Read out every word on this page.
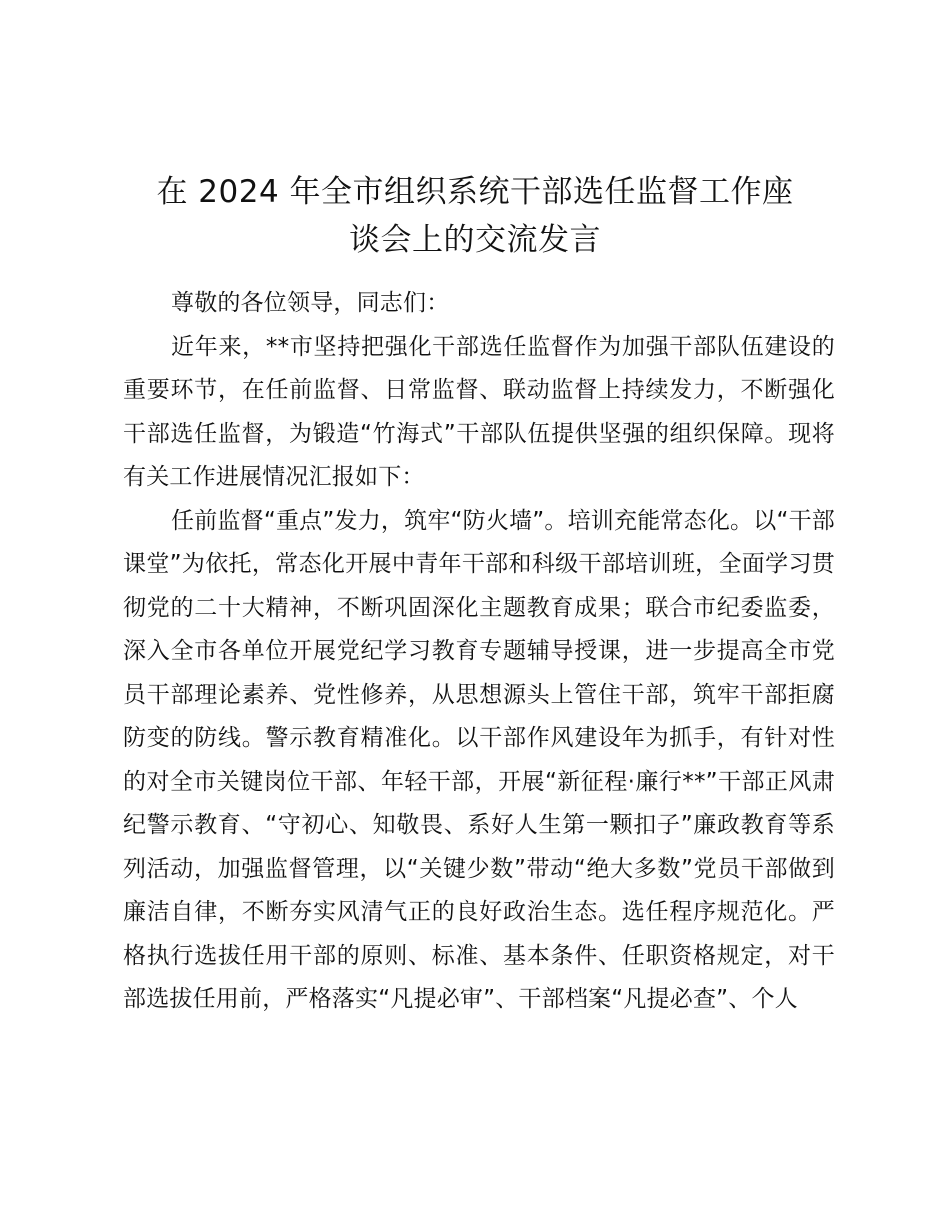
在 2024 年全市组织系统干部选任监督工作座
谈会上的交流发言

尊敬的各位领导，同志们：

近年来，**市坚持把强化干部选任监督作为加强干部队伍建设的重要环节，在任前监督、日常监督、联动监督上持续发力，不断强化干部选任监督，为锻造“竹海式”干部队伍提供坚强的组织保障。现将有关工作进展情况汇报如下：

任前监督“重点”发力，筑牢“防火墙”。培训充能常态化。以“干部课堂”为依托，常态化开展中青年干部和科级干部培训班，全面学习贯彻党的二十大精神，不断巩固深化主题教育成果；联合市纪委监委，深入全市各单位开展党纪学习教育专题辅导授课，进一步提高全市党员干部理论素养、党性修养，从思想源头上管住干部，筑牢干部拒腐防变的防线。警示教育精准化。以干部作风建设年为抓手，有针对性的对全市关键岗位干部、年轻干部，开展“新征程·廉行**”干部正风肃纪警示教育、“守初心、知敬畏、系好人生第一颗扣子”廉政教育等系列活动，加强监督管理，以“关键少数”带动“绝大多数”党员干部做到廉洁自律，不断夯实风清气正的良好政治生态。选任程序规范化。严格执行选拔任用干部的原则、标准、基本条件、任职资格规定，对干部选拔任用前，严格落实“凡提必审”、干部档案“凡提必查”、个人
